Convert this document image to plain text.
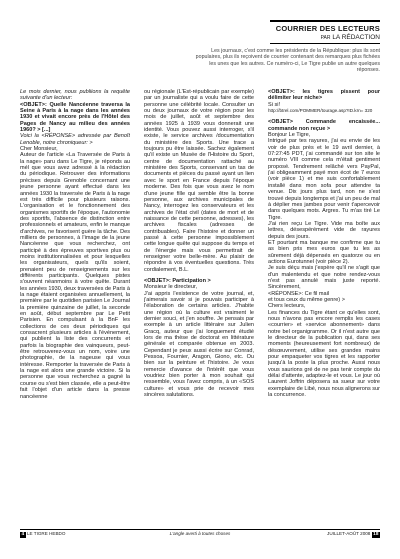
COURRIER DES LECTEURS
PAR LA RÉDACTION
Les journaux, c'est comme les présidents de la République: plus ils sont populaires, plus ils reçoivent de courrier contenant des remarques plus fichées les unes que les autres. Ce numéro-ci, Le Tigre publie un autre quelques réponses.

Le mois dernier, nous publiions la requête suivante d'un lecteur:

<OBJET>: Quelle Nancéenne traversa la Seine à Paris à la nage dans les années 1930 et vivait encore près de l'Hôtel des Pages de Nancy au milieu des années 1960? > [...]

Voici la <RÉPONSE> adressée par Benoît Lenoble, notre chroniqueur: >

Cher Monsieur,

Auteur de l'article «La Traversée de Paris à la nage» paru dans Le Tigre, je réponds au mél que vous avez adressé à la rédaction du périodique. Retrouver des informations précises depuis Grenoble concernant une jeune personne ayant effectué dans les années 1930 la traversée de Paris à la nage est très difficile pour plusieurs raisons. L'organisation et le fonctionnement des organismes sportifs de l'époque, l'autonomie des sportifs, l'absence de distinction entre professionnels et amateurs, enfin le manque d'archives, ne favorisent guère la tâche. Des milliers de personnes, à l'image de la jeune Nancéenne que vous recherchez, ont participé à des épreuves sportives plus ou moins institutionnalisées et pour lesquelles les organisateurs, quels qu'ils soient, prenaient peu de renseignements sur les différents participants. Quelques pistes s'ouvrent néanmoins à votre quête. Durant les années 1930, deux traversées de Paris à la nage étaient organisées annuellement, la première par le quotidien parisien Le Journal la première quinzaine de juillet, la seconde en août, début septembre par Le Petit Parisien. En compulsant à la BnF les collections de ces deux périodiques qui consacrent plusieurs articles à l'événement, qui publient la liste des concurrents et parfois la biographie des vainqueurs, peut-être retrouverez-vous un nom, voire une photographie, de la nageuse qui vous intéresse. Remporter la traversée de Paris à la nage est alors une grande victoire. Si la personne que vous recherchez a gagné la course ou s'est bien classée, elle a peut-être fait l'objet d'un article dans la presse nancéenne

ou régionale (L'Est-républicain par exemple) par un journaliste qui a voulu faire de cette personne une célébrité locale. Consulter un ou deux journaux de votre région pour les mois de juillet, août et septembre des années 1925 à 1939 vous donnerait une identité. Vous pouvez aussi interroger, s'il existe, le service archives /documentation du ministère des Sports. Une trace a toujours pu être laissée. Sachez également qu'il existe un Musée de l'Histoire du Sport, centre de documentation rattaché au ministère des Sports, conservant un tas de documents et pièces du passé ayant un lien avec le sport en France depuis l'époque moderne. Des fois que vous avez le nom d'une jeune fille qui semble être la bonne personne, aux archives municipales de Nancy, interrogez les conservateurs et les archives de l'état civil (dates de mort et de naissance de cette personne, adresses), les archives fiscales (adresses de contribuables). Faire l'histoire et donner un passé à cette personne impossiblement cette longue quête qui suppose du temps et de l'énergie mais vous permettrait de renseigner votre belle-mère. Au plaisir de répondre à vos éventuelles questions. Très cordialement, B.L.

<OBJET>: Participation >

Monsieur le directeur,
J'ai appris l'existence de votre journal, et, j'aimerais savoir si je pouvais participer à l'élaboration de certains articles. J'habite une région où la culture est vraiment le dernier souci, et j'en souffre. Je pensais par exemple à un article littéraire sur Julien Gracq, auteur que j'ai longuement étudié lors de ma thèse de doctorat en littérature générale et comparée obtenue en 2003. Cependant je peux aussi écrire sur Conrad, Pessoa, Fournier, Aragon, Giono, etc. Ou bien sur la peinture et l'histoire. Je vous remercie d'avance de l'intérêt que vous voudriez bien porter à mon souhait qui ressemble, vous l'avez compris, à un «SOS culture» et vous prie de recevoir mes sincères salutations.

<OBJET>: les tigres pissent pour délimiter leur niche>

Si si!

http://btrel.com/POMMER/tourage.asp?ID.krn= 320

<OBJET> Commande encaissée... commande non reçue >

Bonjour Le Tigre,
Intrigué par tes rayures, j'ai eu envie de les voir de plus près et le 19 avril dernier, à 07:27:45 PDT, j'ai commandé sur ton site le numéro VIII comme cela m'était gentiment proposé. Tendrement relâché vers PayPal, j'ai obligeamment payé mon écot de 7 euros (voir pièce 1) et me suis confortablement installé dans mon sofa pour attendre ta venue. Dix jours plus tard, non ne s'est trouvé depuis longtemps et j'ai un peu de mal à déplier mes jambes pour venir t'apercevoir dans quelques mots. Argres. Tu m'as tiré Le Tigre.
J'ai rien reçu Le Tigre. Vide ma boîte aux lettres, désespérément vide de rayures depuis des jours.
ET pourtant ma banque me confirme que tu as bien pris mes euros que tu les as sûrement déjà dépensés en quatorze ou en actions Eurotunnel (voir pièce 2).
Je suis déçu mais j'espère qu'il ne s'agit que d'un malentendu et que notre rendez-vous n'est pas annulé mais juste reporté. Sincèrement,
<RÉPONSE>: Ce fil mail
et tous ceux du même genre) >
Chers lecteurs,
Les finances du Tigre étant ce qu'elles sont, nous n'avons pas encore remplis les cases «courrier» et «service abonnement» dans notre bel organigramme. Or il n'est autre que le directeur de la publication qui, dans ses moments (heureusement fort nombreux) de désœuvrement, utilise ses grandes mains pour empaqueter vos tigres et les rapporter jusqu'à la poste la plus proche. Aussi nous vous saurions gré de ne pas tenir compte du délai d'attente, adaptez-le et vous. Le jour où Laurent Joffrin déposera sa sueur sur votre exemplaire de Libé, nous nous alignerons sur la concurrence.

4 LE TIGRE HEBDO	L'angle averti à toutes choses	JUILLET-AOÛT 2008 18
